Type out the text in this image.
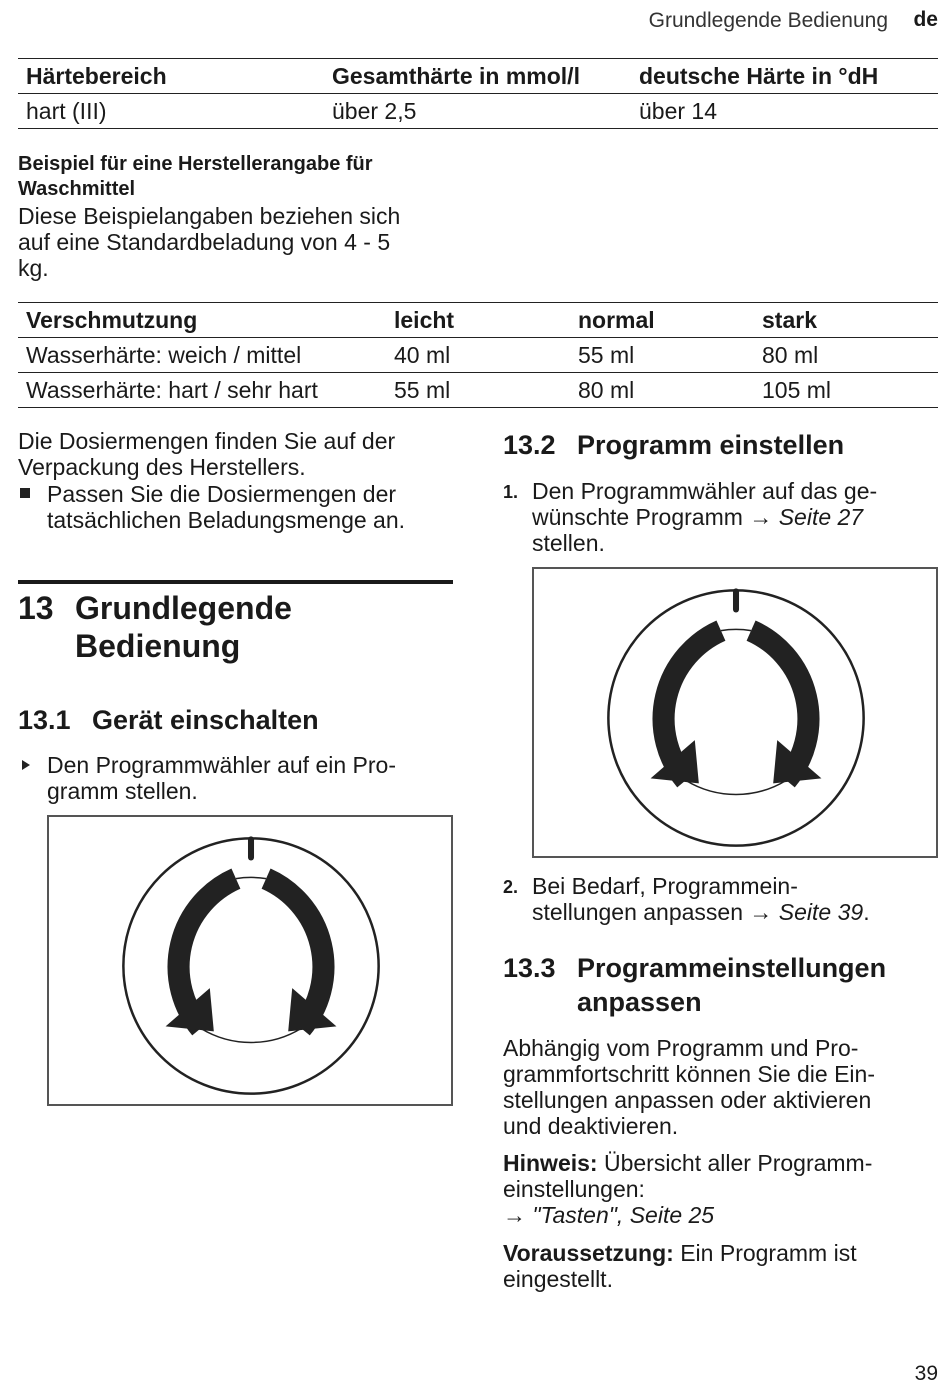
Grundlegende Bedienung de
Härtebereich	Gesamthärte in mmol/l	deutsche Härte in °dH
hart (III)	über 2,5	über 14
Beispiel für eine Herstellerangabe für
Waschmittel
Diese Beispielangaben beziehen sich
auf eine Standardbeladung von 4 - 5
kg.
Verschmutzung	leicht	normal	stark
Wasserhärte: weich / mittel	40 ml	55 ml	80 ml
Wasserhärte: hart / sehr hart	55 ml	80 ml	105 ml
Die Dosiermengen finden Sie auf der
Verpackung des Herstellers.
Passen Sie die Dosiermengen der
tatsächlichen Beladungsmenge an.
13 Grundlegende
Bedienung
13.1 Gerät einschalten
Den Programmwähler auf ein Pro-
gramm stellen.
13.2 Programm einstellen
1. Den Programmwähler auf das ge-
wünschte Programm → Seite 27
stellen.
2. Bei Bedarf, Programmein-
stellungen anpassen → Seite 39.
13.3 Programmeinstellungen
anpassen
Abhängig vom Programm und Pro-
grammfortschritt können Sie die Ein-
stellungen anpassen oder aktivieren
und deaktivieren.
Hinweis: Übersicht aller Programm-
einstellungen:
→ "Tasten", Seite 25
Voraussetzung: Ein Programm ist
eingestellt.
39
